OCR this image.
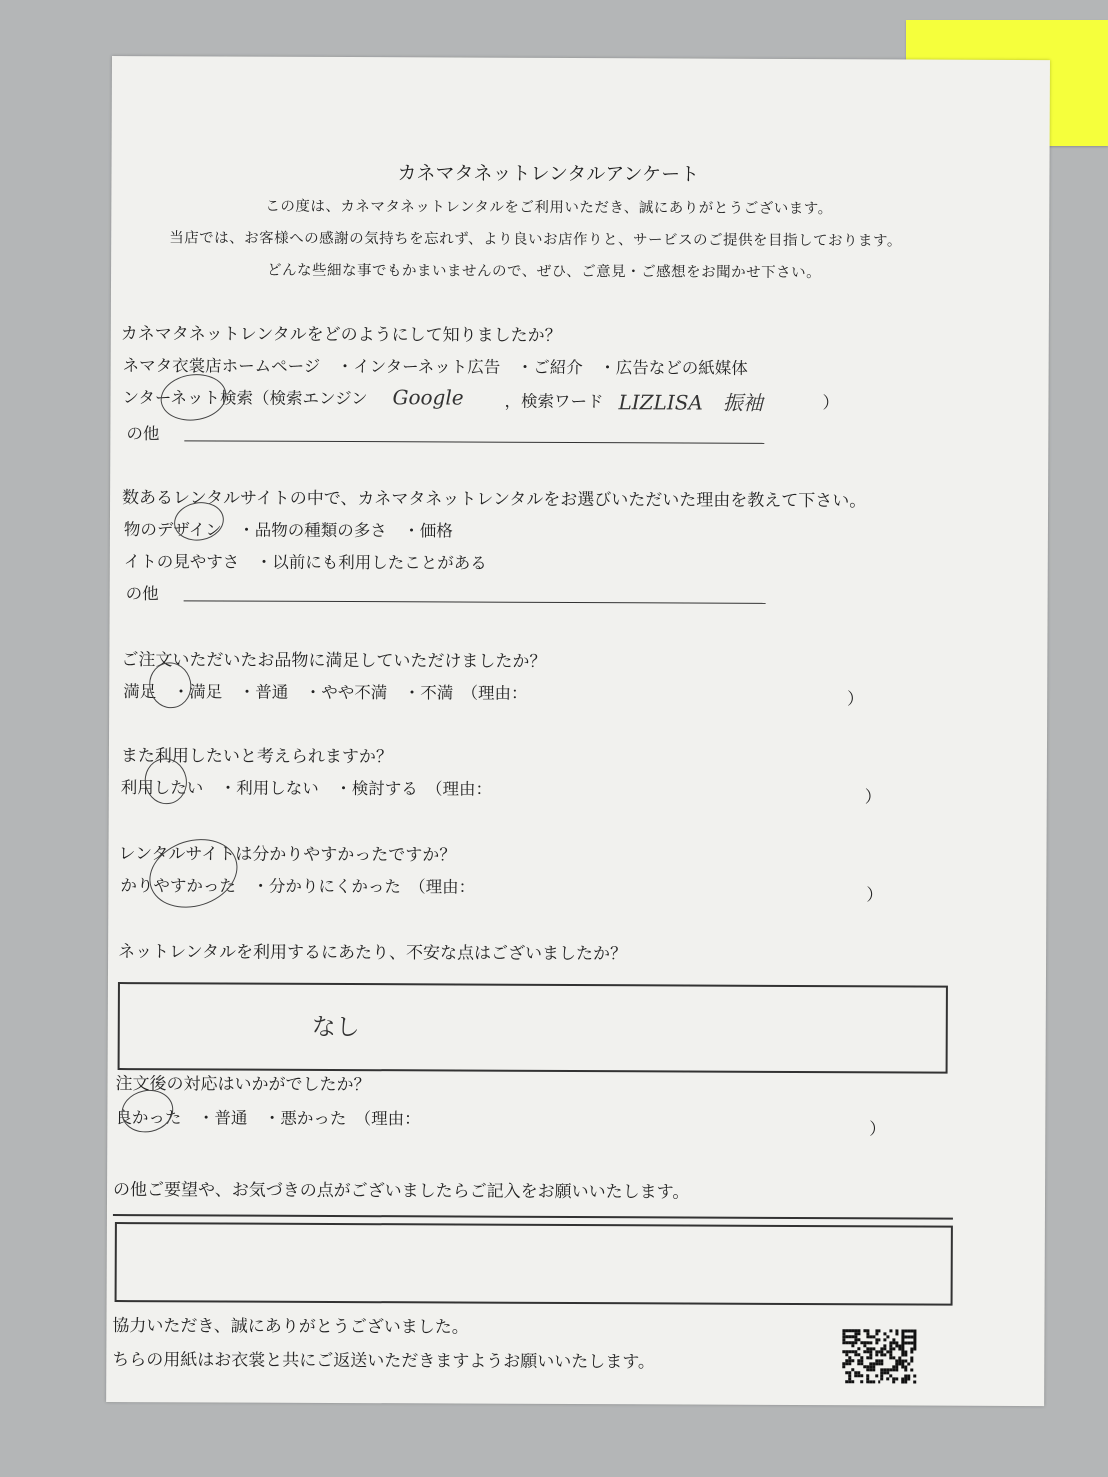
カネマタネットレンタルアンケート
この度は、カネマタネットレンタルをご利用いただき、誠にありがとうございます。
当店では、お客様への感謝の気持ちを忘れず、より良いお店作りと、サービスのご提供を目指しております。
どんな些細な事でもかまいませんので、ぜひ、ご意見・ご感想をお聞かせ下さい。
カネマタネットレンタルをどのようにして知りましたか？
ネマタ衣裳店ホームページ　・インターネット広告　・ご紹介　・広告などの紙媒体
ンターネット検索（検索エンジン Google ，検索ワード LIZLISA　振袖	）
の他
数あるレンタルサイトの中で、カネマタネットレンタルをお選びいただいた理由を教えて下さい。
物のデザイン　・品物の種類の多さ　・価格
イトの見やすさ　・以前にも利用したことがある
の他
ご注文いただいたお品物に満足していただけましたか？
満足　・満足　・普通　・やや不満　・不満　（理由：	）
また利用したいと考えられますか？
利用したい　・利用しない　・検討する　（理由：	）
レンタルサイトは分かりやすかったですか？
かりやすかった　・分かりにくかった　（理由：	）
ネットレンタルを利用するにあたり、不安な点はございましたか？
なし
注文後の対応はいかがでしたか？
良かった　・普通　・悪かった　（理由：
）
の他ご要望や、お気づきの点がございましたらご記入をお願いいたします。
協力いただき、誠にありがとうございました。
ちらの用紙はお衣裳と共にご返送いただきますようお願いいたします。
